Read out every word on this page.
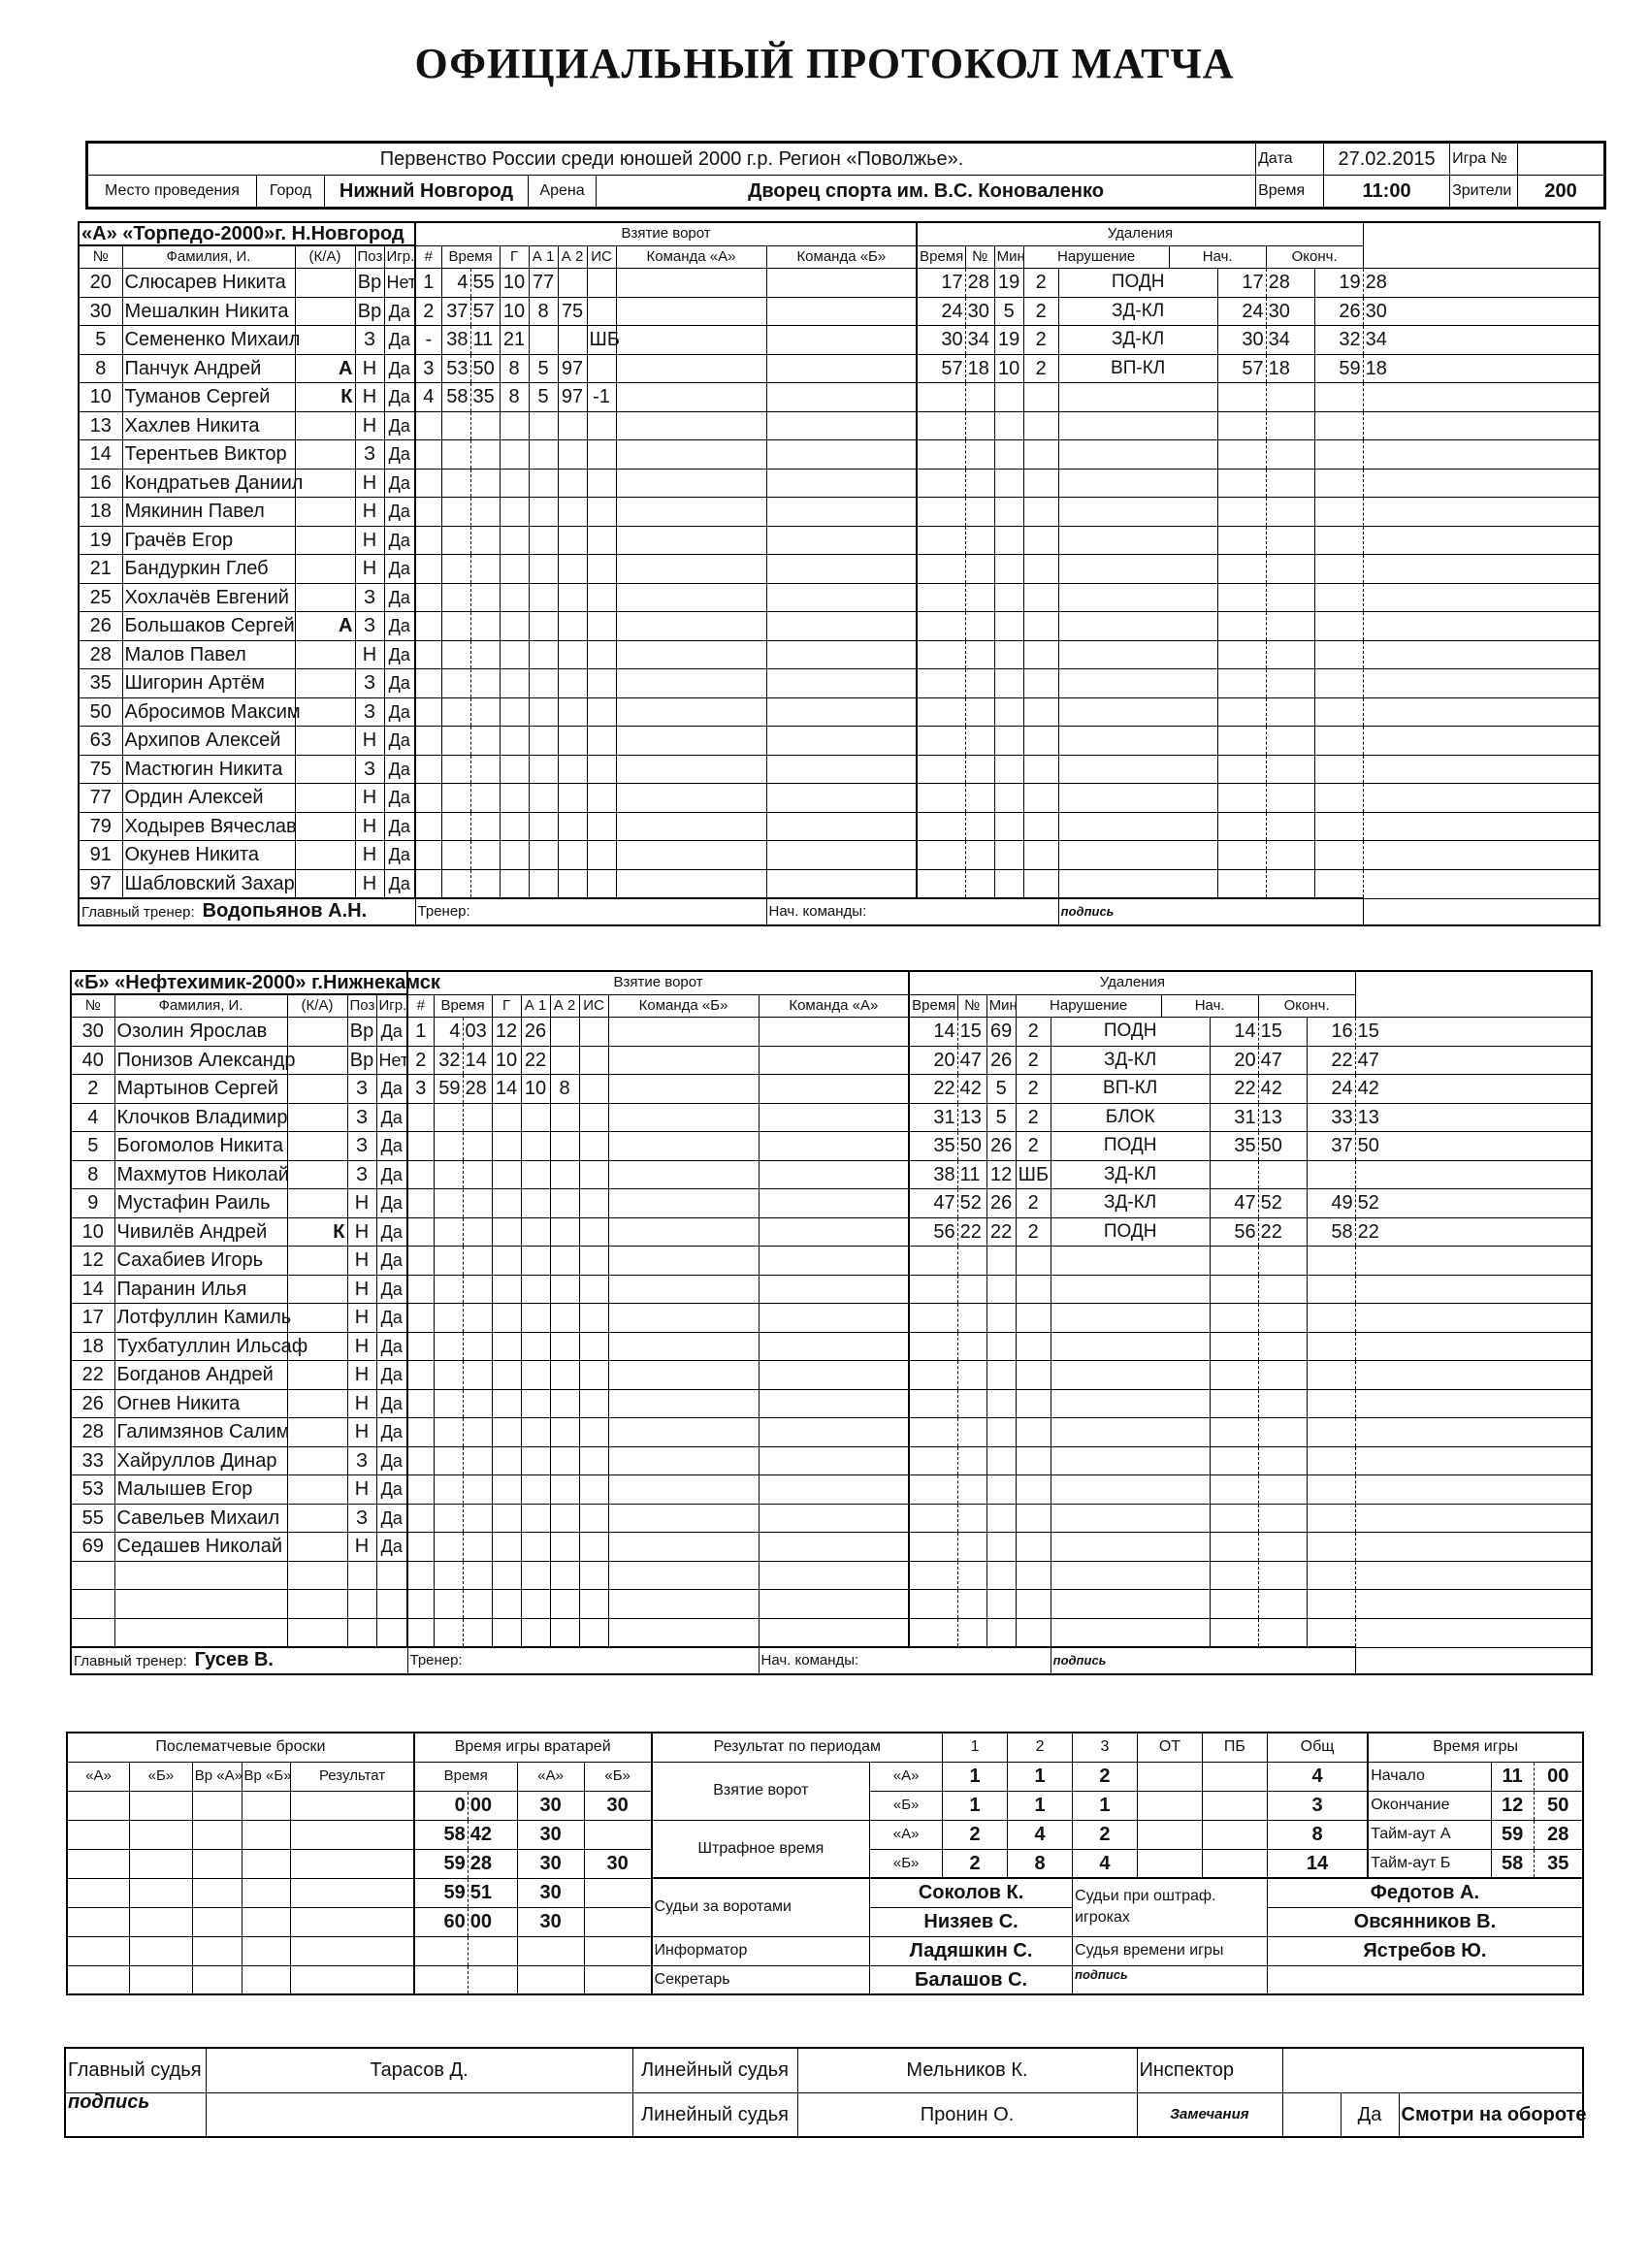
ОФИЦИАЛЬНЫЙ ПРОТОКОЛ МАТЧА
Первенство России среди юношей 2000 г.р. Регион «Поволжье».					Дата	27.02.2015	Игра №	
Место проведения	Город	Нижний Новгород	Арена	Дворец спорта им. В.С. Коноваленко	Время	11:00	Зрители	200
«А» «Торпедо-2000»г. Н.Новгород					Взятие ворот									Удаления									
№	Фамилия, И.	(К/А)	Поз.	Игр.	#	Время		Г	А 1	А 2	ИС	Команда «А»	Команда «Б»	Время	№	Мин	Нарушение		Нач.		Оконч.		
20	Слюсарев Никита		Вр	Нет	1	4	55	10	77					17	28	19	2	ПОДН		17	28	19	28
30	Мешалкин Никита		Вр	Да	2	37	57	10	8	75				24	30	5	2	ЗД-КЛ		24	30	26	30
5	Семененко Михаил		З	Да	-	38	11	21			ШБ			30	34	19	2	ЗД-КЛ		30	34	32	34
8	Панчук Андрей	А	Н	Да	3	53	50	8	5	97				57	18	10	2	ВП-КЛ		57	18	59	18
10	Туманов Сергей	К	Н	Да	4	58	35	8	5	97	-1												
13	Хахлев Никита		Н	Да																			
14	Терентьев Виктор		З	Да																			
16	Кондратьев Даниил		Н	Да																			
18	Мякинин Павел		Н	Да																			
19	Грачёв Егор		Н	Да																			
21	Бандуркин Глеб		Н	Да																			
25	Хохлачёв Евгений		З	Да																			
26	Большаков Сергей	А	З	Да																			
28	Малов Павел		Н	Да																			
35	Шигорин Артём		З	Да																			
50	Абросимов Максим		З	Да																			
63	Архипов Алексей		Н	Да																			
75	Мастюгин Никита		З	Да																			
77	Ордин Алексей		Н	Да																			
79	Ходырев Вячеслав		Н	Да																			
91	Окунев Никита		Н	Да																			
97	Шабловский Захар		Н	Да																			
Главный тренер: Водопьянов А.Н.					Тренер:								Нач. команды:					подпись					
«Б» «Нефтехимик-2000» г.Нижнекамск					Взятие ворот									Удаления									
№	Фамилия, И.	(К/А)	Поз.	Игр.	#	Время		Г	А 1	А 2	ИС	Команда «Б»	Команда «А»	Время	№	Мин	Нарушение		Нач.		Оконч.		
30	Озолин Ярослав		Вр	Да	1	4	03	12	26					14	15	69	2	ПОДН		14	15	16	15
40	Понизов Александр		Вр	Нет	2	32	14	10	22					20	47	26	2	ЗД-КЛ		20	47	22	47
2	Мартынов Сергей		З	Да	3	59	28	14	10	8				22	42	5	2	ВП-КЛ		22	42	24	42
4	Клочков Владимир		З	Да										31	13	5	2	БЛОК		31	13	33	13
5	Богомолов Никита		З	Да										35	50	26	2	ПОДН		35	50	37	50
8	Махмутов Николай		З	Да										38	11	12	ШБ	ЗД-КЛ					
9	Мустафин Раиль		Н	Да										47	52	26	2	ЗД-КЛ		47	52	49	52
10	Чивилёв Андрей	К	Н	Да										56	22	22	2	ПОДН		56	22	58	22
12	Сахабиев Игорь		Н	Да																			
14	Паранин Илья		Н	Да																			
17	Лотфуллин Камиль		Н	Да																			
18	Тухбатуллин Ильсаф		Н	Да																			
22	Богданов Андрей		Н	Да																			
26	Огнев Никита		Н	Да																			
28	Галимзянов Салим		Н	Да																			
33	Хайруллов Динар		З	Да																			
53	Малышев Егор		Н	Да																			
55	Савельев Михаил		З	Да																			
69	Седашев Николай		Н	Да																			

Главный тренер: Гусев В.					Тренер:								Нач. команды:					подпись					
Послематчевые броски					Время игры вратарей				Результат по периодам		1	2	3	ОТ	ПБ	Общ	Время игры		
«А»	«Б»	Вр «А»	Вр «Б»	Результат	Время		«А»	«Б»	Взятие ворот	«А»	1	1	2			4	Начало	11	00
					0	00	30	30		«Б»	1	1	1			3	Окончание	12	50
					58	42	30		Штрафное время	«А»	2	4	2			8	Тайм-аут А	59	28
					59	28	30	30		«Б»	2	8	4			14	Тайм-аут Б	58	35
					59	51	30		Судьи за воротами	Соколов К.			Судьи при оштраф. игроках			Федотов А.			
					60	00	30			Низяев С.						Овсянников В.			
									Информатор	Ладяшкин С.			Судья времени игры			Ястребов Ю.			
									Секретарь	Балашов С.			подпись						
Главный судья	Тарасов Д.	Линейный судья	Мельников К.	Инспектор			
подпись		Линейный судья	Пронин О.	Замечания		Да	Смотри на обороте
